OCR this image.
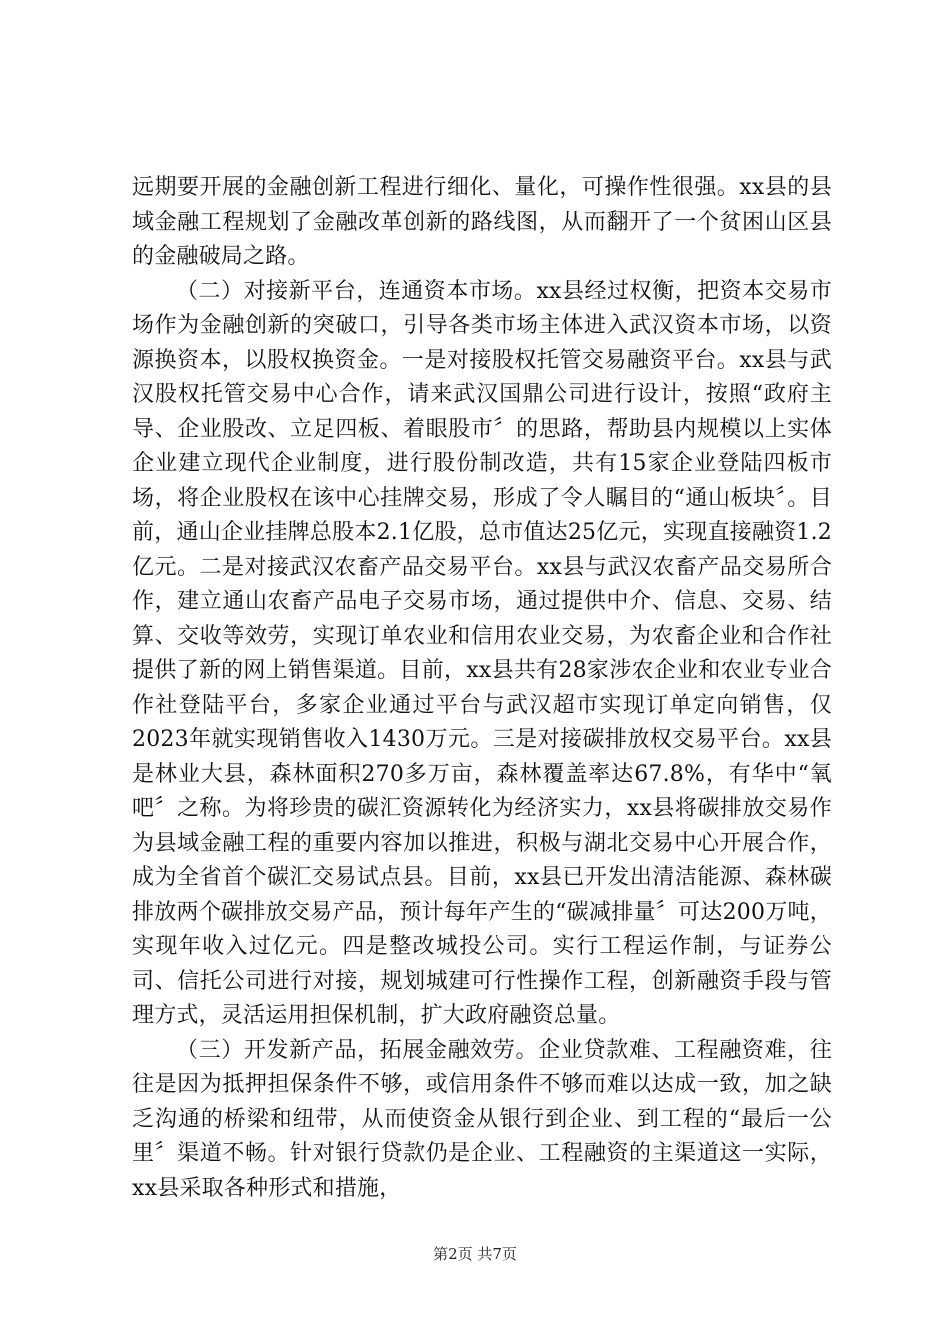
远期要开展的金融创新工程进行细化、量化，可操作性很强。xx县的县域金融工程规划了金融改革创新的路线图，从而翻开了一个贫困山区县的金融破局之路。

（二）对接新平台，连通资本市场。xx县经过权衡，把资本交易市场作为金融创新的突破口，引导各类市场主体进入武汉资本市场，以资源换资本，以股权换资金。一是对接股权托管交易融资平台。xx县与武汉股权托管交易中心合作，请来武汉国鼎公司进行设计，按照“政府主导、企业股改、立足四板、着眼股市〞的思路，帮助县内规模以上实体企业建立现代企业制度，进行股份制改造，共有15家企业登陆四板市场，将企业股权在该中心挂牌交易，形成了令人瞩目的“通山板块〞。目前，通山企业挂牌总股本2.1亿股，总市值达25亿元，实现直接融资1.2亿元。二是对接武汉农畜产品交易平台。xx县与武汉农畜产品交易所合作，建立通山农畜产品电子交易市场，通过提供中介、信息、交易、结算、交收等效劳，实现订单农业和信用农业交易，为农畜企业和合作社提供了新的网上销售渠道。目前，xx县共有28家涉农企业和农业专业合作社登陆平台，多家企业通过平台与武汉超市实现订单定向销售，仅2023年就实现销售收入1430万元。三是对接碳排放权交易平台。xx县是林业大县，森林面积270多万亩，森林覆盖率达67.8%，有华中“氧吧〞之称。为将珍贵的碳汇资源转化为经济实力，xx县将碳排放交易作为县域金融工程的重要内容加以推进，积极与湖北交易中心开展合作，成为全省首个碳汇交易试点县。目前，xx县已开发出清洁能源、森林碳排放两个碳排放交易产品，预计每年产生的“碳减排量〞可达200万吨，实现年收入过亿元。四是整改城投公司。实行工程运作制，与证券公司、信托公司进行对接，规划城建可行性操作工程，创新融资手段与管理方式，灵活运用担保机制，扩大政府融资总量。

（三）开发新产品，拓展金融效劳。企业贷款难、工程融资难，往往是因为抵押担保条件不够，或信用条件不够而难以达成一致，加之缺乏沟通的桥梁和纽带，从而使资金从银行到企业、到工程的“最后一公里〞渠道不畅。针对银行贷款仍是企业、工程融资的主渠道这一实际，xx县采取各种形式和措施，

第2页 共7页
